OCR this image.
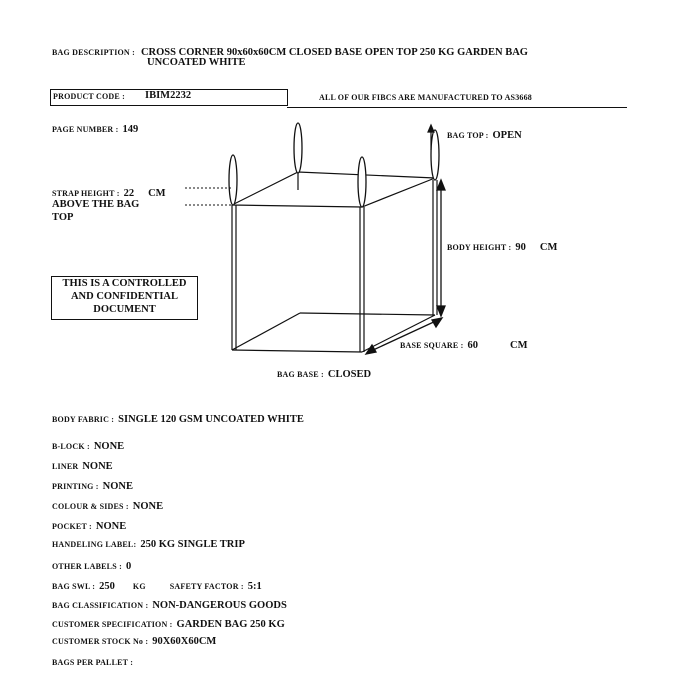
BAG DESCRIPTION : CROSS CORNER 90x60x60CM CLOSED BASE OPEN TOP 250 KG GARDEN BAG
UNCOATED WHITE
PRODUCT CODE : IBIM2232	ALL OF OUR FIBCS ARE MANUFACTURED TO AS3668
PAGE NUMBER : 149
BAG TOP : OPEN
STRAP HEIGHT : 22 CM
ABOVE THE BAG
TOP
BODY HEIGHT : 90 CM
THIS IS A CONTROLLED
AND CONFIDENTIAL
DOCUMENT
BASE SQUARE : 60	CM
BAG BASE : CLOSED
BODY FABRIC : SINGLE 120 GSM UNCOATED WHITE
B-LOCK : NONE
LINER NONE
PRINTING : NONE
COLOUR & SIDES : NONE
POCKET : NONE
HANDELING LABEL: 250 KG SINGLE TRIP
OTHER LABELS : 0
BAG SWL : 250 KG	SAFETY FACTOR : 5:1
BAG CLASSIFICATION : NON-DANGEROUS GOODS
CUSTOMER SPECIFICATION : GARDEN BAG 250 KG
CUSTOMER STOCK No : 90X60X60CM
BAGS PER PALLET :
